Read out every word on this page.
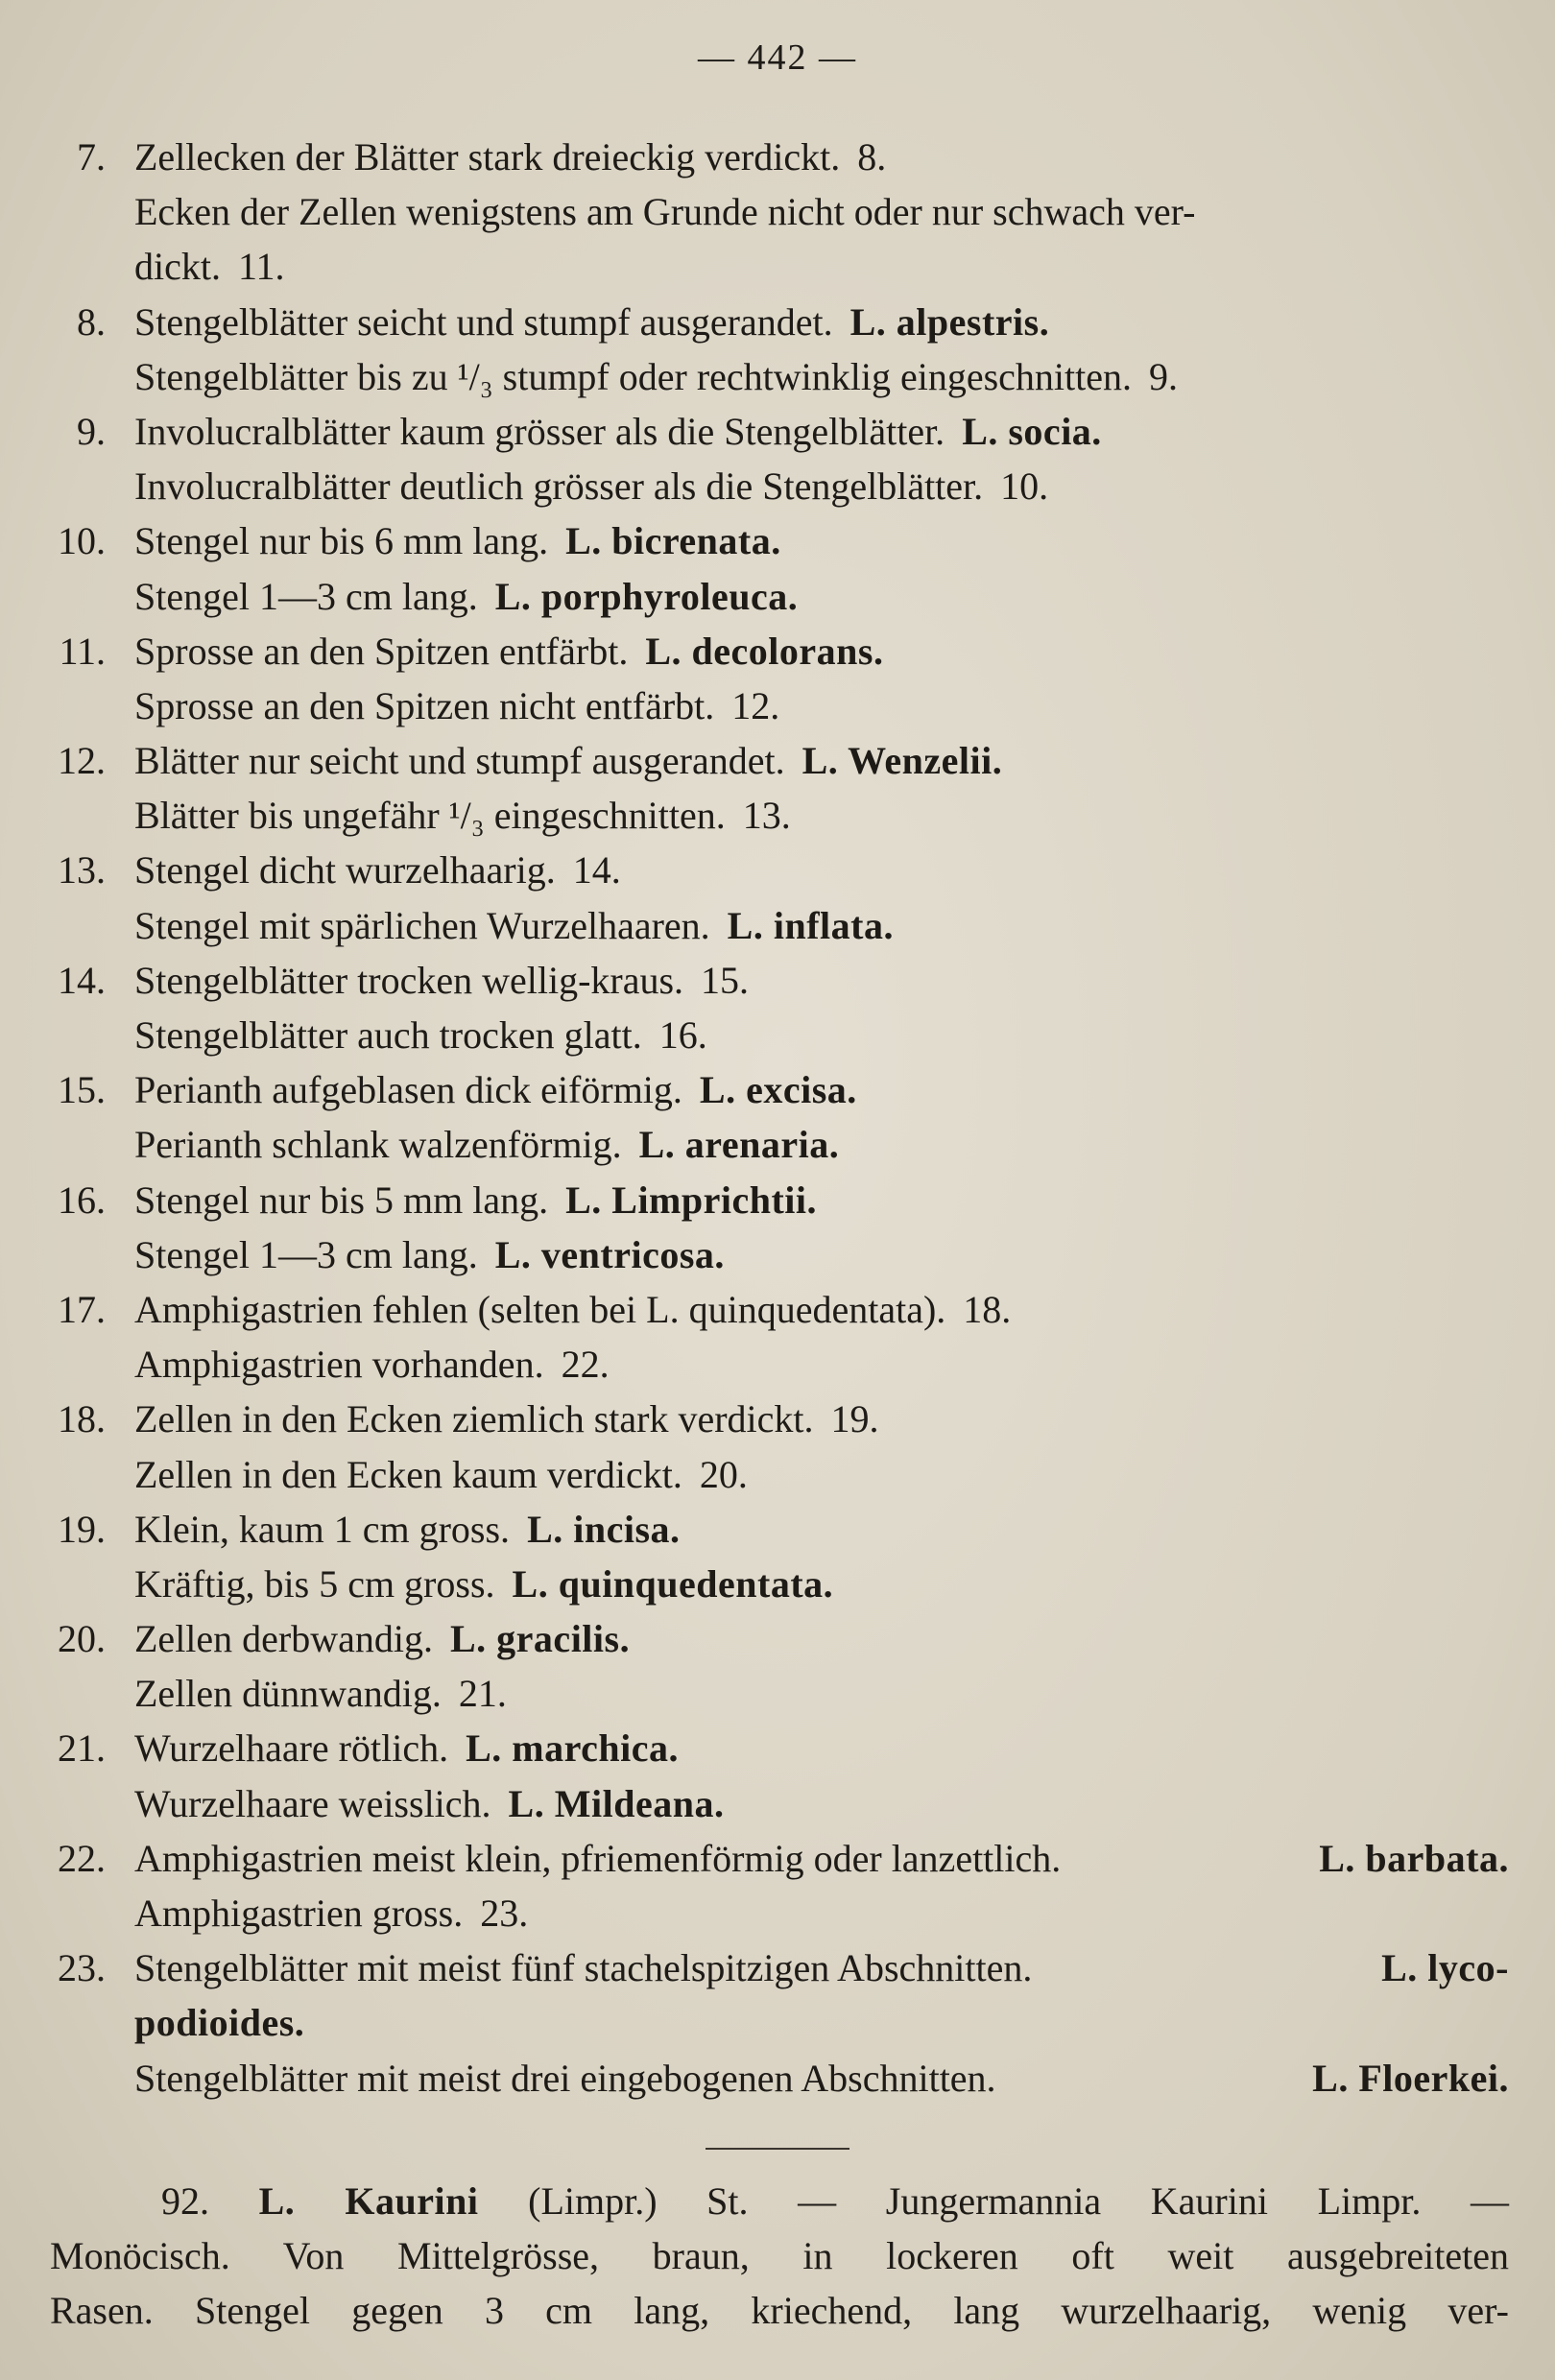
— 442 —
7. Zellecken der Blätter stark dreieckig verdickt. 8.
Ecken der Zellen wenigstens am Grunde nicht oder nur schwach ver-
dickt. 11.
8. Stengelblätter seicht und stumpf ausgerandet. L. alpestris.
Stengelblätter bis zu ¹/₃ stumpf oder rechtwinklig eingeschnitten. 9.
9. Involucralblätter kaum grösser als die Stengelblätter. L. socia.
Involucralblätter deutlich grösser als die Stengelblätter. 10.
10. Stengel nur bis 6 mm lang. L. bicrenata.
Stengel 1—3 cm lang. L. porphyroleuca.
11. Sprosse an den Spitzen entfärbt. L. decolorans.
Sprosse an den Spitzen nicht entfärbt. 12.
12. Blätter nur seicht und stumpf ausgerandet. L. Wenzelii.
Blätter bis ungefähr ¹/₃ eingeschnitten. 13.
13. Stengel dicht wurzelhaarig. 14.
Stengel mit spärlichen Wurzelhaaren. L. inflata.
14. Stengelblätter trocken wellig-kraus. 15.
Stengelblätter auch trocken glatt. 16.
15. Perianth aufgeblasen dick eiförmig. L. excisa.
Perianth schlank walzenförmig. L. arenaria.
16. Stengel nur bis 5 mm lang. L. Limprichtii.
Stengel 1—3 cm lang. L. ventricosa.
17. Amphigastrien fehlen (selten bei L. quinquedentata). 18.
Amphigastrien vorhanden. 22.
18. Zellen in den Ecken ziemlich stark verdickt. 19.
Zellen in den Ecken kaum verdickt. 20.
19. Klein, kaum 1 cm gross. L. incisa.
Kräftig, bis 5 cm gross. L. quinquedentata.
20. Zellen derbwandig. L. gracilis.
Zellen dünnwandig. 21.
21. Wurzelhaare rötlich. L. marchica.
Wurzelhaare weisslich. L. Mildeana.
22. Amphigastrien meist klein, pfriemenförmig oder lanzettlich.	L. barbata.
Amphigastrien gross. 23.
23. Stengelblätter mit meist fünf stachelspitzigen Abschnitten.	L. lyco-
podioides.
Stengelblätter mit meist drei eingebogenen Abschnitten.	L. Floerkei.
92. L. Kaurini (Limpr.) St. — Jungermannia Kaurini Limpr. —
Monöcisch. Von Mittelgrösse, braun, in lockeren oft weit ausgebreiteten
Rasen. Stengel gegen 3 cm lang, kriechend, lang wurzelhaarig, wenig ver-
